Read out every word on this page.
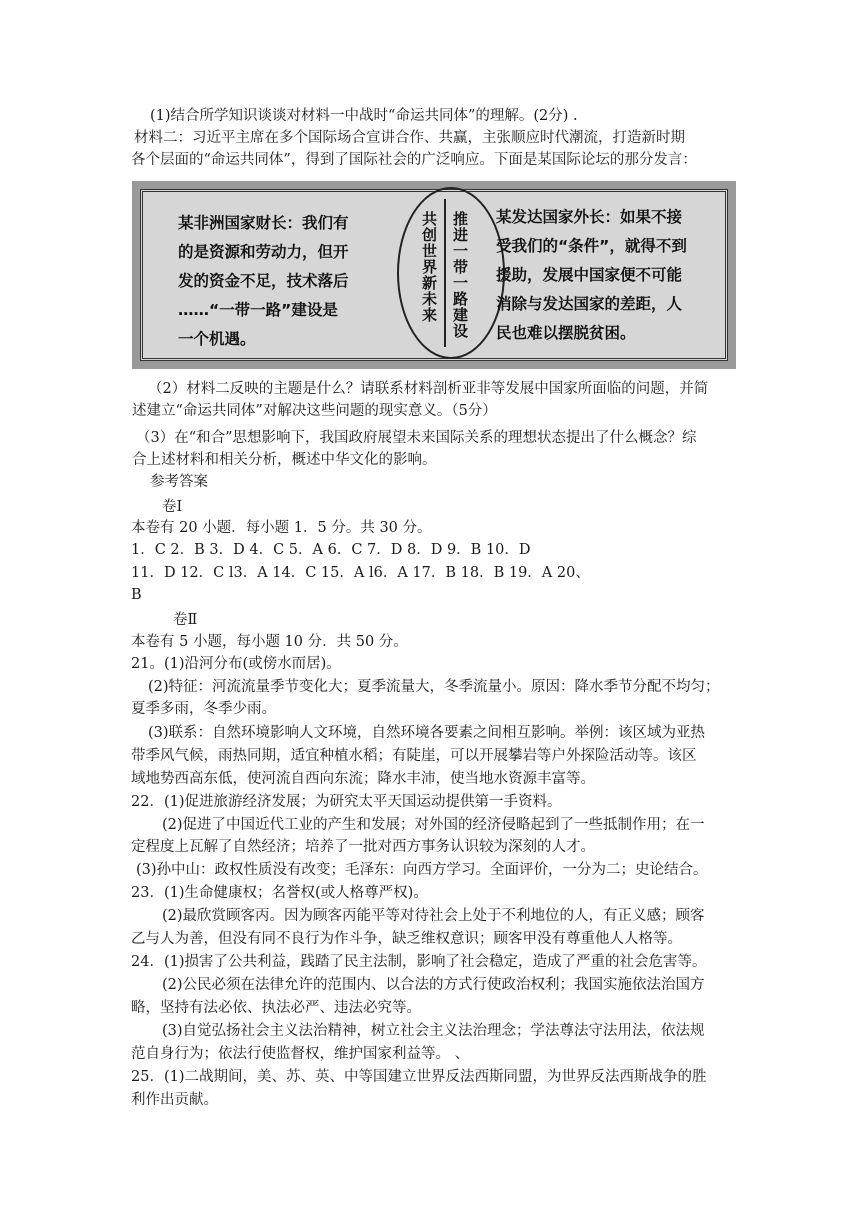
(1)结合所学知识谈谈对材料一中战时“命运共同体”的理解。(2分) .
材料二：习近平主席在多个国际场合宣讲合作、共赢，主张顺应时代潮流，打造新时期
各个层面的“命运共同体”，得到了国际社会的广泛响应。下面是某国际论坛的那分发言：
某非洲国家财长：我们有
的是资源和劳动力，但开
发的资金不足，技术落后
……“一带一路”建设是
一个机遇。
共创世界新未来 推进一带一路建设 某发达国家外长：如果不接
受我们的“条件”，就得不到
援助，发展中国家便不可能
消除与发达国家的差距，人
民也难以摆脱贫困。
（2）材料二反映的主题是什么？请联系材料剖析亚非等发展中国家所面临的问题，并简
述建立“命运共同体”对解决这些问题的现实意义。（5分）
（3）在“和合”思想影响下，我国政府展望未来国际关系的理想状态提出了什么概念？综
合上述材料和相关分析，概述中华文化的影响。
参考答案
卷Ⅰ
本卷有 20 小题．每小题 1．5 分。共 30 分。
1．C 2．B 3．D 4．C 5．A 6．C 7．D 8．D 9．B 10．D
11．D 12．C l3．A 14．C 15．A l6．A 17．B 18．B 19．A 20、
B
卷Ⅱ
本卷有 5 小题，每小题 10 分．共 50 分。
21。(1)沿河分布(或傍水而居)。
(2)特征：河流流量季节变化大；夏季流量大，冬季流量小。原因：降水季节分配不均匀；
夏季多雨，冬季少雨。
(3)联系：自然环境影响人文环境，自然环境各要素之间相互影响。举例：该区域为亚热
带季风气候，雨热同期，适宜种植水稻；有陡崖，可以开展攀岩等户外探险活动等。该区
域地势西高东低，使河流自西向东流；降水丰沛，使当地水资源丰富等。
22．(1)促进旅游经济发展；为研究太平天国运动提供第一手资料。
(2)促进了中国近代工业的产生和发展；对外国的经济侵略起到了一些抵制作用；在一
定程度上瓦解了自然经济；培养了一批对西方事务认识较为深刻的人才。
(3)孙中山：政权性质没有改变；毛泽东：向西方学习。全面评价，一分为二；史论结合。
23．(1)生命健康权；名誉权(或人格尊严权)。
(2)最欣赏顾客丙。因为顾客丙能平等对待社会上处于不利地位的人，有正义感；顾客
乙与人为善，但没有同不良行为作斗争，缺乏维权意识；顾客甲没有尊重他人人格等。
24．(1)损害了公共利益，践踏了民主法制，影响了社会稳定，造成了严重的社会危害等。
(2)公民必须在法律允许的范围内、以合法的方式行使政治权利；我国实施依法治国方
略，坚持有法必依、执法必严、违法必究等。
(3)自觉弘扬社会主义法治精神，树立社会主义法治理念；学法尊法守法用法，依法规
范自身行为；依法行使监督权，维护国家利益等。 、
25．(1)二战期间，美、苏、英、中等国建立世界反法西斯同盟，为世界反法西斯战争的胜
利作出贡献。
